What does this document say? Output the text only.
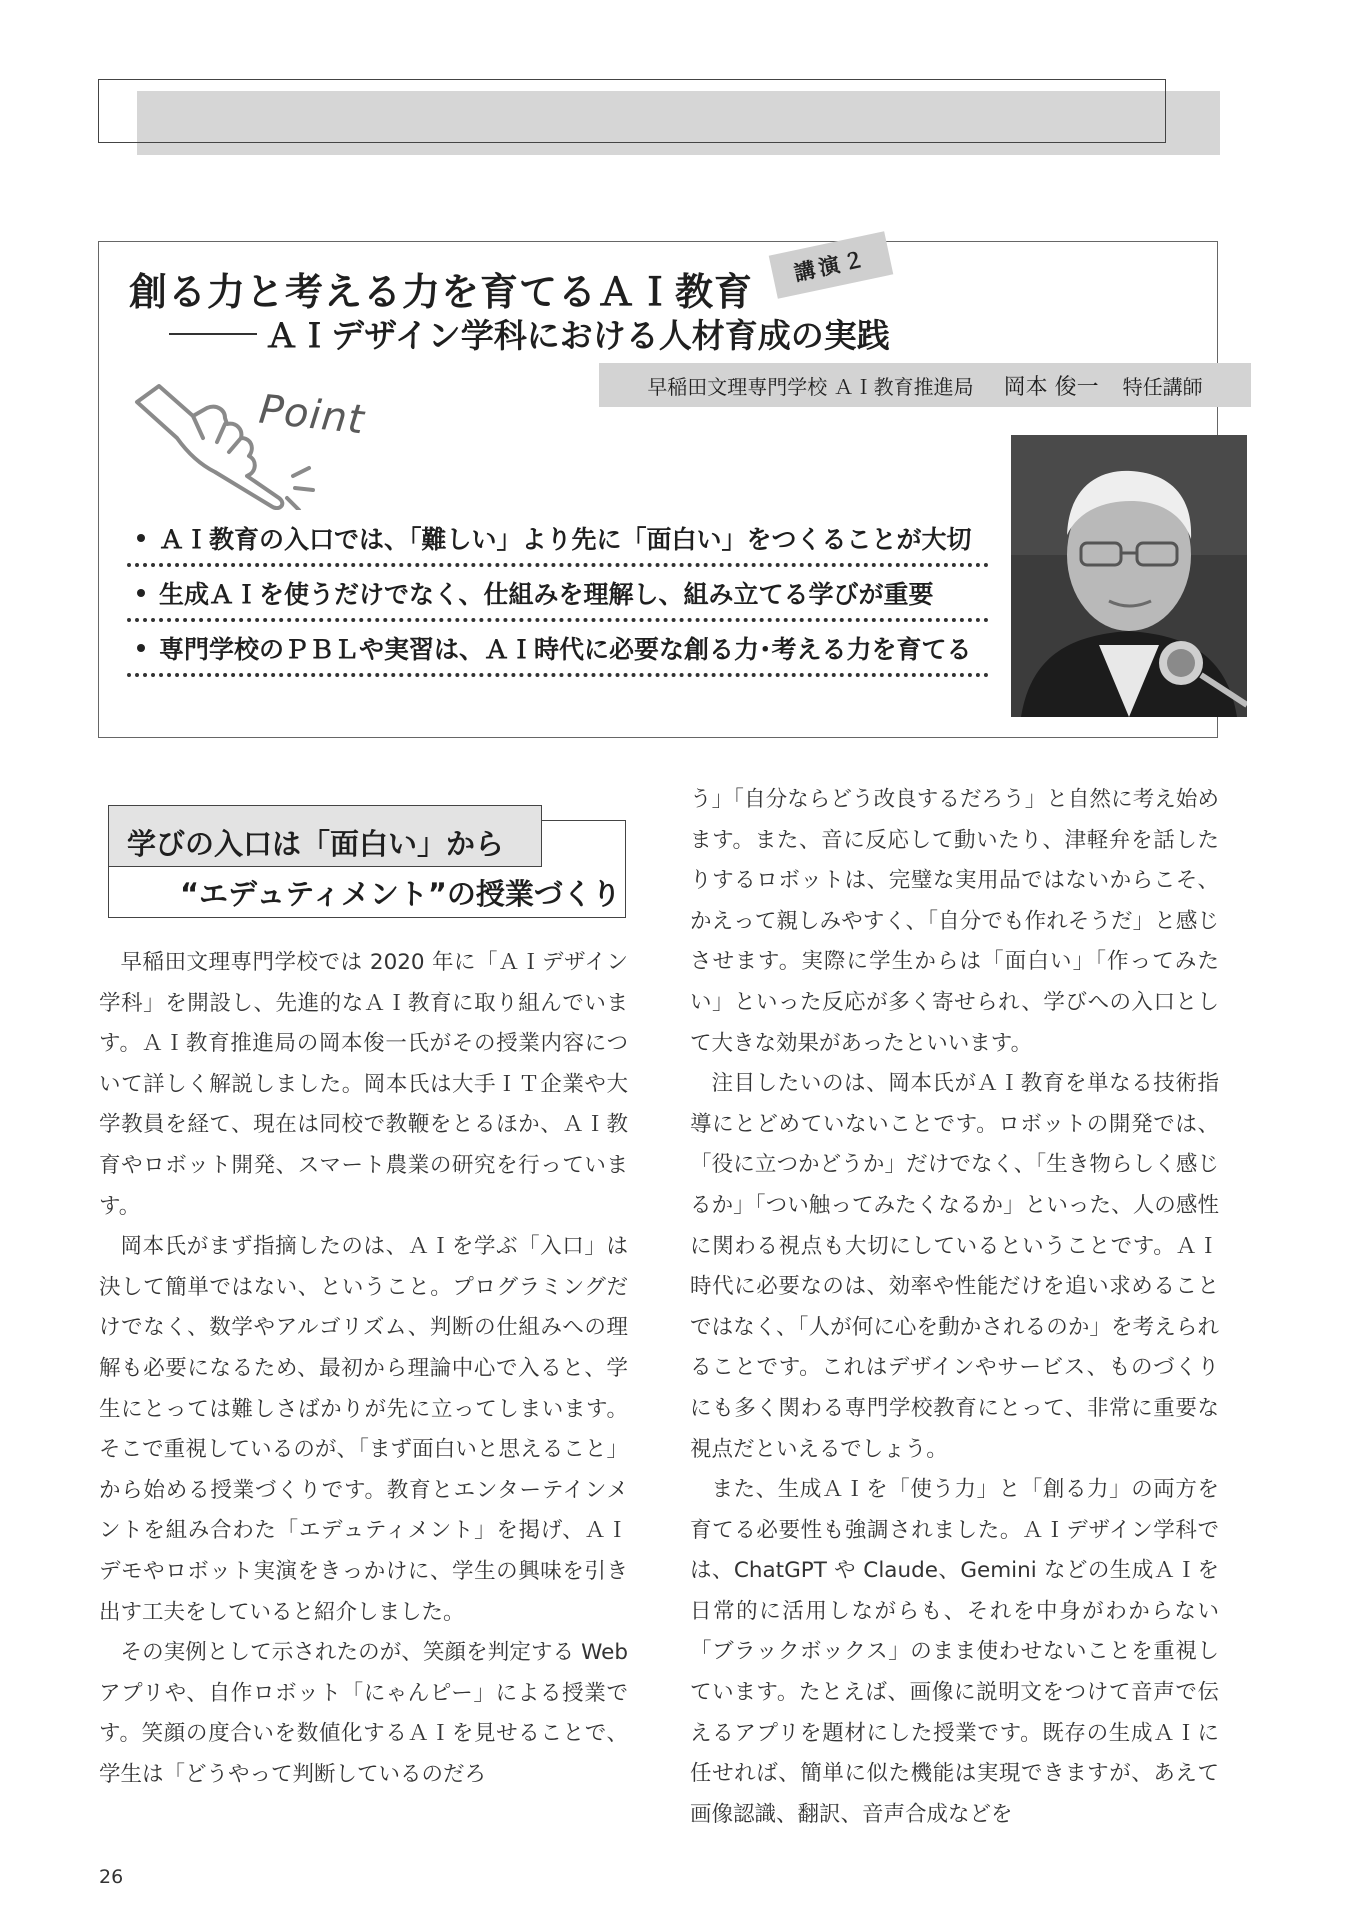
創る力と考える力を育てるＡＩ教育
講演２
ＡＩデザイン学科における人材育成の実践
早稲田文理専門学校 ＡＩ教育推進局 岡本 俊一 特任講師
Point
ＡＩ教育の入口では、「難しい」より先に「面白い」をつくることが大切
生成ＡＩを使うだけでなく、仕組みを理解し、組み立てる学びが重要
専門学校のＰＢＬや実習は、ＡＩ時代に必要な創る力･考える力を育てる
学びの入口は「面白い」から
“エデュティメント”の授業づくり

早稲田文理専門学校では 2020 年に「ＡＩデザイン学科」を開設し、先進的なＡＩ教育に取り組んでいます。ＡＩ教育推進局の岡本俊一氏がその授業内容について詳しく解説しました。岡本氏は大手ＩＴ企業や大学教員を経て、現在は同校で教鞭をとるほか、ＡＩ教育やロボット開発、スマート農業の研究を行っています。

岡本氏がまず指摘したのは、ＡＩを学ぶ「入口」は決して簡単ではない、ということ。プログラミングだけでなく、数学やアルゴリズム、判断の仕組みへの理解も必要になるため、最初から理論中心で入ると、学生にとっては難しさばかりが先に立ってしまいます。そこで重視しているのが、「まず面白いと思えること」から始める授業づくりです。教育とエンターテインメントを組み合わた「エデュティメント」を掲げ、ＡＩデモやロボット実演をきっかけに、学生の興味を引き出す工夫をしていると紹介しました。

その実例として示されたのが、笑顔を判定する Web アプリや、自作ロボット「にゃんピー」による授業です。笑顔の度合いを数値化するＡＩを見せることで、学生は「どうやって判断しているのだろ

う」「自分ならどう改良するだろう」と自然に考え始めます。また、音に反応して動いたり、津軽弁を話したりするロボットは、完璧な実用品ではないからこそ、かえって親しみやすく、「自分でも作れそうだ」と感じさせます。実際に学生からは「面白い」「作ってみたい」といった反応が多く寄せられ、学びへの入口として大きな効果があったといいます。

注目したいのは、岡本氏がＡＩ教育を単なる技術指導にとどめていないことです。ロボットの開発では、「役に立つかどうか」だけでなく、「生き物らしく感じるか」「つい触ってみたくなるか」といった、人の感性に関わる視点も大切にしているということです。ＡＩ時代に必要なのは、効率や性能だけを追い求めることではなく、「人が何に心を動かされるのか」を考えられることです。これはデザインやサービス、ものづくりにも多く関わる専門学校教育にとって、非常に重要な視点だといえるでしょう。

また、生成ＡＩを「使う力」と「創る力」の両方を育てる必要性も強調されました。ＡＩデザイン学科では、ChatGPT や Claude、Gemini などの生成ＡＩを日常的に活用しながらも、それを中身がわからない「ブラックボックス」のまま使わせないことを重視しています。たとえば、画像に説明文をつけて音声で伝えるアプリを題材にした授業です。既存の生成ＡＩに任せれば、簡単に似た機能は実現できますが、あえて画像認識、翻訳、音声合成などを

26
